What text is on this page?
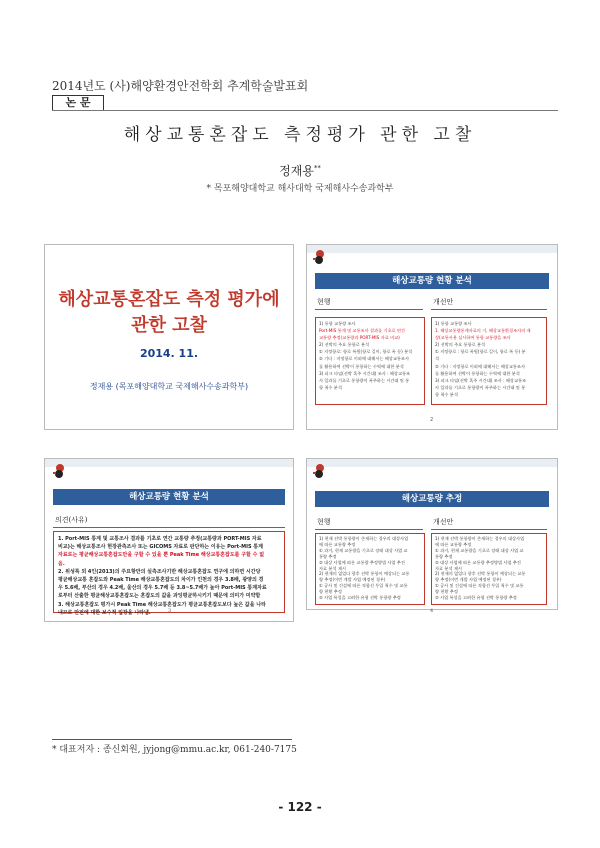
2014년도 (사)해양환경안전학회 추계학술발표회
논 문
해상교통혼잡도 측정평가 관한 고찰
정재용**
* 목포해양대학교 해사대학 국제해사수송과학부
해상교통혼잡도 측정 평가에
관한 고찰
2014. 11.
정재용 (목포해양대학교 국제해사수송과학부)
해상교통량 현황 분석
현행	개선안
1) 통항 교통량 조사
Port-MIS 통계 및 교통조사 결과를 기초로 연간
교통량 추정(교통량과 PORT-MIS 자료 비교)
2) 선박의 주요 통항로 분석
① 지정항로: 항로 폭원(항로 길이, 항로 폭 등) 분석
② 기타 : 지정항로 이외에 대해서는 해상교통조사
를 활용하여 선박이 통항하는 수역에 대한 분석
3) 피크 타임(선박 혹주 시간대) 조사 : 해상교통조
사 일과를 기초로 통항량이 폭주하는 시간대 및 통
항 척수 분석
1) 통항 교통량 조사
1. 해상교통량통계자료의 기, 해상교통환경조사의 재
상(교통사용 실시하여 통항 교통량을 조사
2) 선박의 주요 통항로 분석
① 지정항로 : 항로 폭원(항로 길이, 항로 폭 등) 분
석
② 기타 : 지정항로 이외에 대해서는 해상교통조사
를 활용하여 선박이 통항하는 수역에 대한 분석
3) 피크 타임(선박 혹주 시간대) 조사 : 해상교통조
사 일과를 기초로 통항량이 폭주하는 시간대 및 통
항 척수 분석
2
해상교통량 현황 분석
의견(사유)
1. Port-MIS 통계 및 교통조사 결과를 기초로 연간 교통량 추정(교통량과 PORT-MIS 자료
비교)는 해상교통조사 현장관측조사 또는 GICOMS 자료로 판단하는 이유는 Port-MIS 통계
자료로는 평균해상교통혼잡도만을 구할 수 있을 뿐 Peak Time 해상교통혼잡도를 구할 수 없
음.
2. 위성록 외 4인(2013)의 주요항만의 실측조사기반 해상교통혼잡도 연구에 의하면 시간당
평균해상교통 혼잡도와 Peak Time 해상교통혼잡도의 차이가 인천의 경우 3.8배, 광양의 경
우 5.6배, 부산의 경우 4.2배, 울산의 경우 5.7배 등 3.8~5.7배가 높아 Port-MIS 통계자료
로부터 산출한 평균해상교통혼잡도는 혼잡도의 값을 과잉평균하시키기 때문에 의미가 미약함
3. 해상교통혼잡도 평가시 Peak Time 해상교통혼잡도가 평균교통혼잡도보다 높은 값을 나타
내므로 안전에 대한 보수적 입장을 나타냄.	3
해상교통량 추정
현행	개선안
1) 현재 선박 통항량이 존재하는 경우의 대상사업
에 따른 교통량 추정
① 과거, 현재 교통량을 기초로 장래 대상 사업 교
통량 추정
② 대상 사업에 따른 교통량 추정방법 사업 추진
자료 분석 제시
2) 현재의 없었다 향후 선박 통항이 예상되는 교통
량 추정(이번 개발 사업 예정된 경우)
① 공사 및 건설에 따른 적합선 투입 척수 및 교통
량 현황 추정
② 사업 특성을 고려한 유형 선박 통항량 추정
1) 현재 선박 통항량이 존재하는 경우의 대상사업
에 따른 교통량 추정
① 과거, 현재 교통량을 기초로 장래 대상 사업 교
통량 추정
② 대상 사업에 따른 교통량 추정방법 사업 추진
자료 분석 제시
2) 현재의 없었다 향후 선박 통항이 예상되는 교통
량 추정(이번 개발 사업 예정된 경우)
① 공사 및 건설에 따른 적합선 투입 척수 및 교통
량 현황 추정
② 사업 특성을 고려한 유형 선박 통항량 추정
4
* 대표저자 : 종신회원, jyjong@mmu.ac.kr, 061-240-7175
- 122 -
